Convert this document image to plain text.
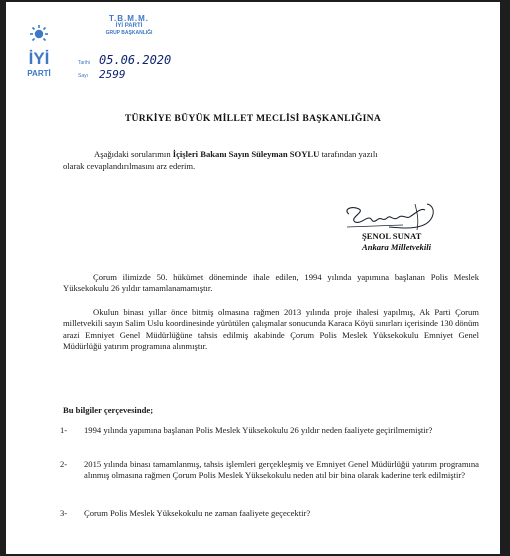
İYİ
PARTİ
T.B.M.M.
İYİ PARTİ
GRUP BAŞKANLIĞI
Tarihi 05.06.2020
Sayı 2599
TÜRKİYE BÜYÜK MİLLET MECLİSİ BAŞKANLIĞINA

Aşağıdaki sorularımın İçişleri Bakanı Sayın Süleyman SOYLU tarafından yazılı

olarak cevaplandırılmasını arz ederim.

ŞENOL SUNAT
Ankara Milletvekili

Çorum ilimizde 50. hükümet döneminde ihale edilen, 1994 yılında yapımına başlanan Polis Meslek Yüksekokulu 26 yıldır tamamlanamamıştır.

Okulun binası yıllar önce bitmiş olmasına rağmen 2013 yılında proje ihalesi yapılmış, Ak Parti Çorum milletvekili sayın Salim Uslu koordinesinde yürütülen çalışmalar sonucunda Karaca Köyü sınırları içerisinde 130 dönüm arazi Emniyet Genel Müdürlüğüne tahsis edilmiş akabinde Çorum Polis Meslek Yüksekokulu Emniyet Genel Müdürlüğü yatırım programına alınmıştır.

Bu bilgiler çerçevesinde;

1- 1994 yılında yapımına başlanan Polis Meslek Yüksekokulu 26 yıldır neden faaliyete geçirilmemiştir?

2- 2015 yılında binası tamamlanmış, tahsis işlemleri gerçekleşmiş ve Emniyet Genel Müdürlüğü yatırım programına alınmış olmasına rağmen Çorum Polis Meslek Yüksekokulu neden atıl bir bina olarak kaderine terk edilmiştir?

3- Çorum Polis Meslek Yüksekokulu ne zaman faaliyete geçecektir?
